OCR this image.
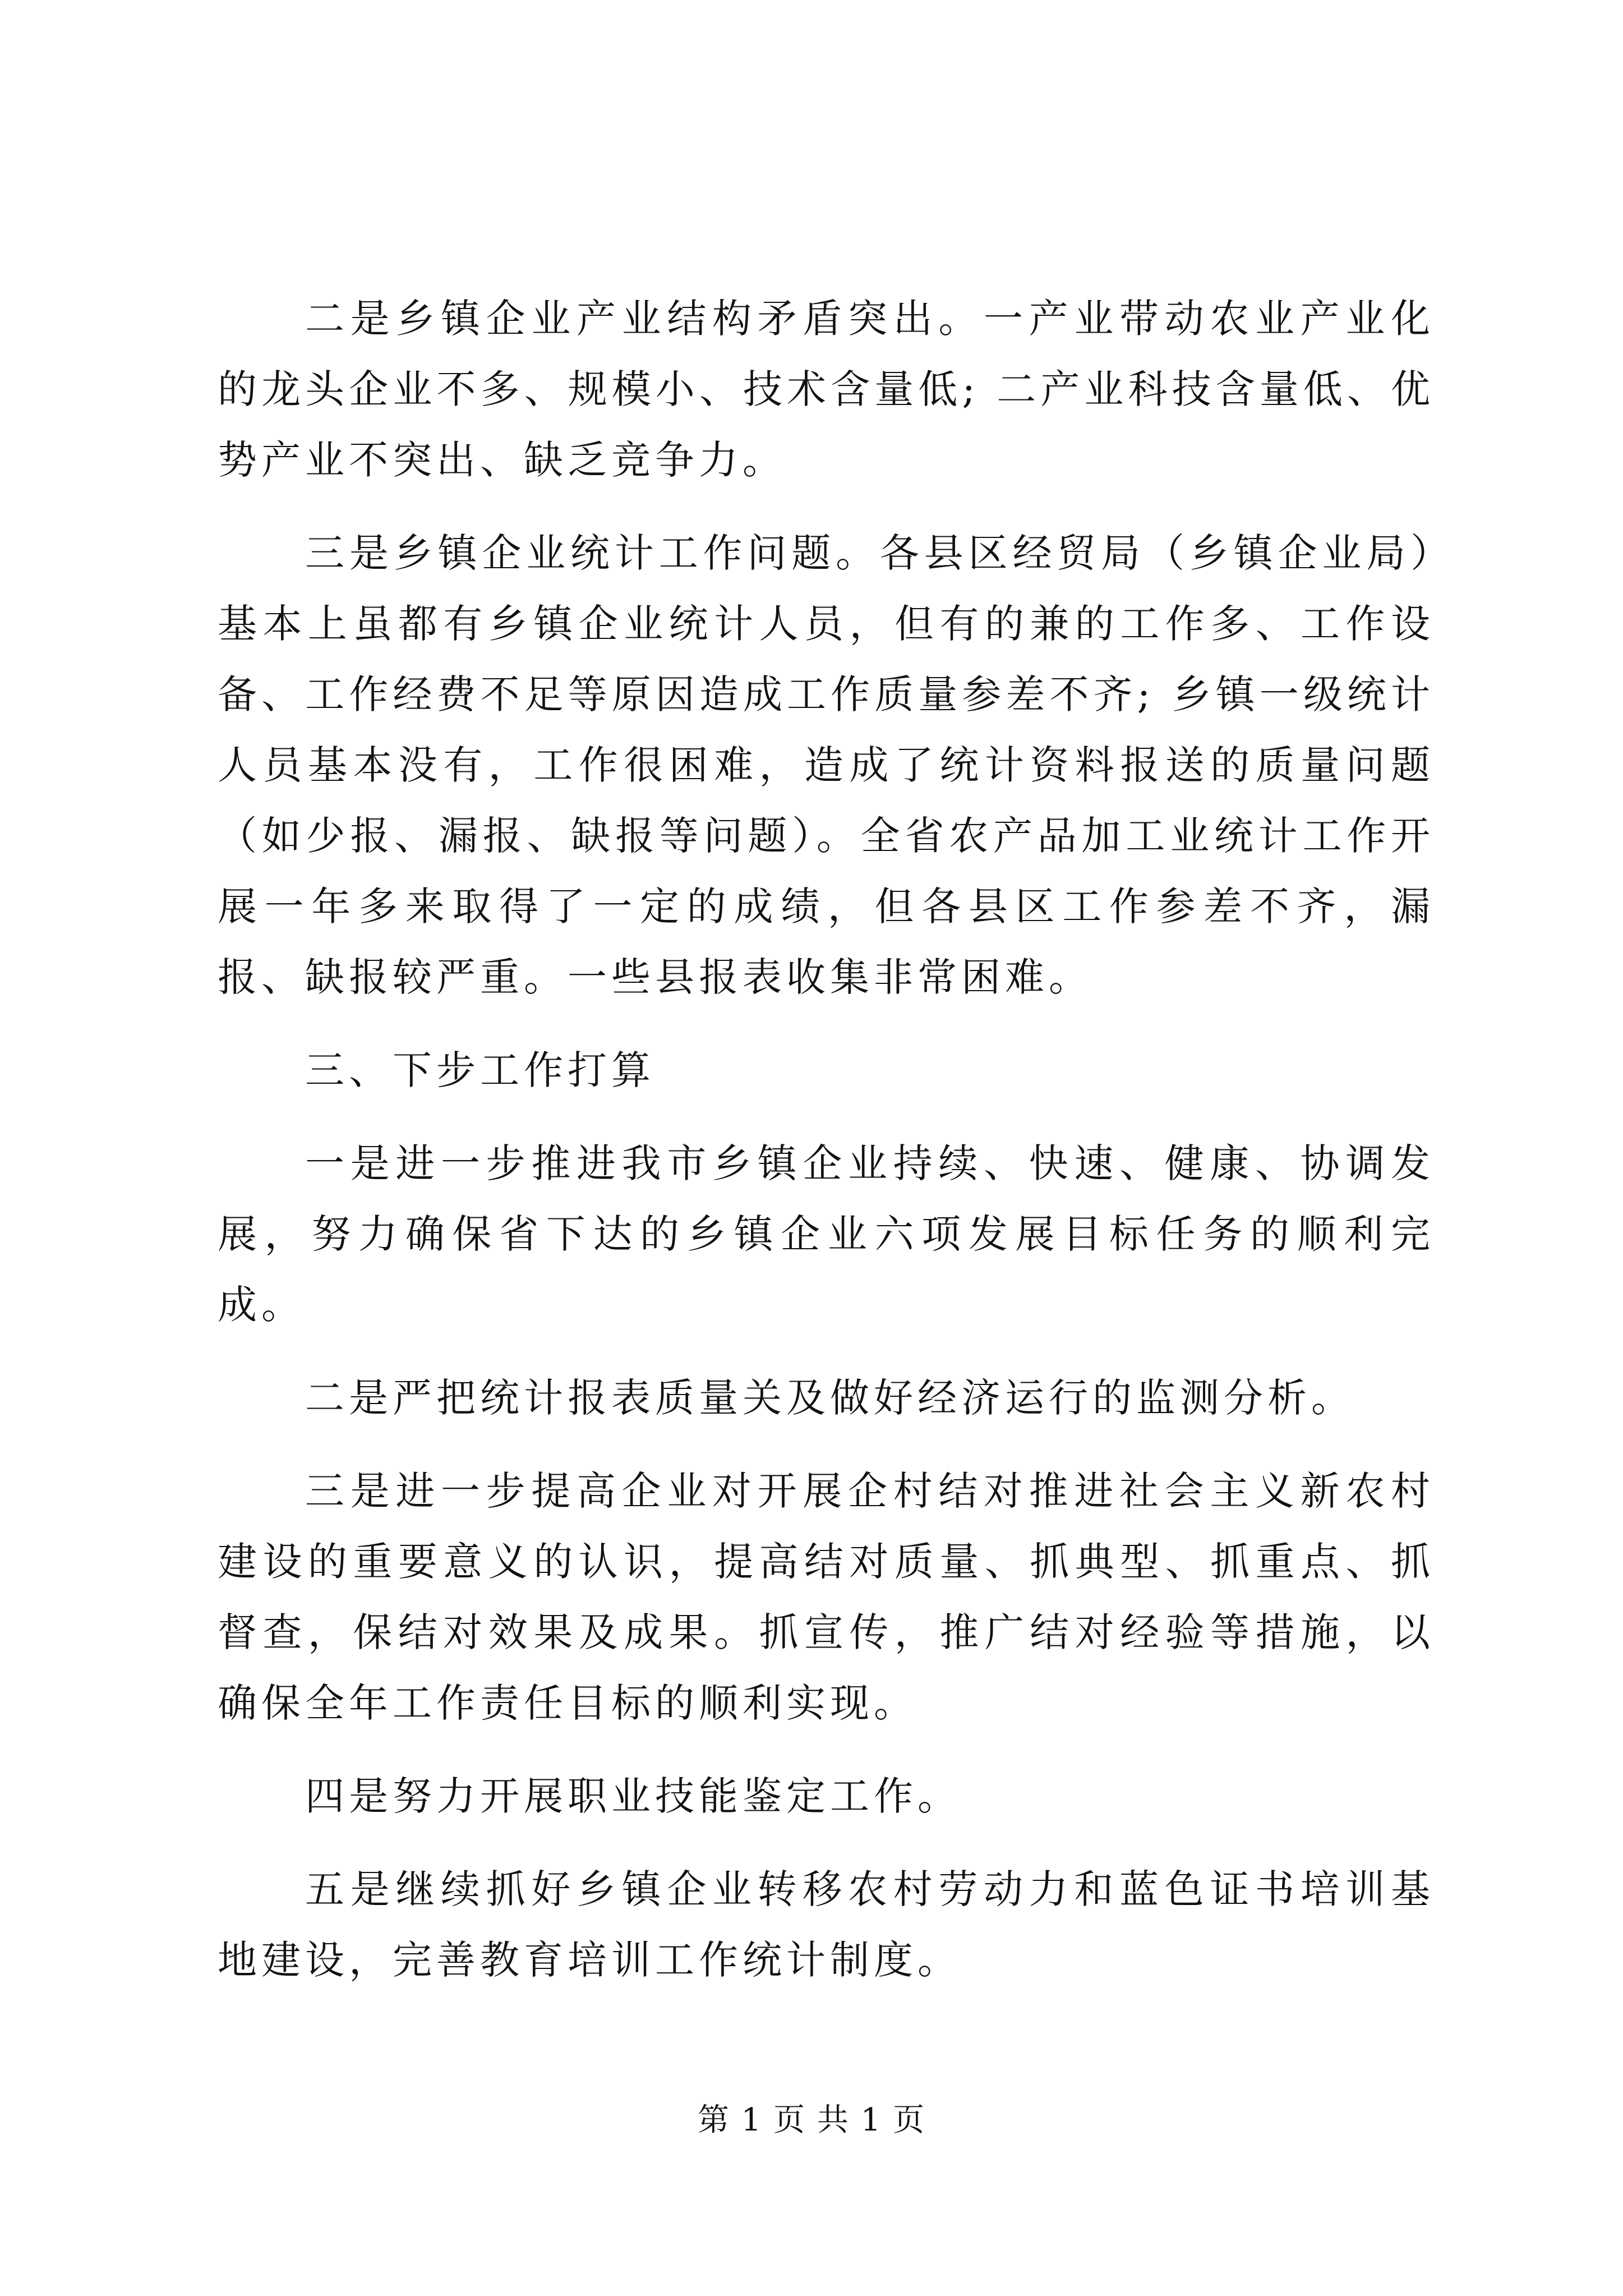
二是乡镇企业产业结构矛盾突出。一产业带动农业产业化的龙头企业不多、规模小、技术含量低; 二产业科技含量低、优势产业不突出、缺乏竞争力。

三是乡镇企业统计工作问题。各县区经贸局（乡镇企业局）基本上虽都有乡镇企业统计人员，但有的兼的工作多、工作设备、工作经费不足等原因造成工作质量参差不齐; 乡镇一级统计人员基本没有，工作很困难，造成了统计资料报送的质量问题（如少报、漏报、缺报等问题）。全省农产品加工业统计工作开展一年多来取得了一定的成绩，但各县区工作参差不齐，漏报、缺报较严重。一些县报表收集非常困难。

三、下步工作打算

一是进一步推进我市乡镇企业持续、快速、健康、协调发展，努力确保省下达的乡镇企业六项发展目标任务的顺利完成。

二是严把统计报表质量关及做好经济运行的监测分析。

三是进一步提高企业对开展企村结对推进社会主义新农村建设的重要意义的认识，提高结对质量、抓典型、抓重点、抓督查，保结对效果及成果。抓宣传，推广结对经验等措施，以确保全年工作责任目标的顺利实现。

四是努力开展职业技能鉴定工作。

五是继续抓好乡镇企业转移农村劳动力和蓝色证书培训基地建设，完善教育培训工作统计制度。

第 1 页 共 1 页
